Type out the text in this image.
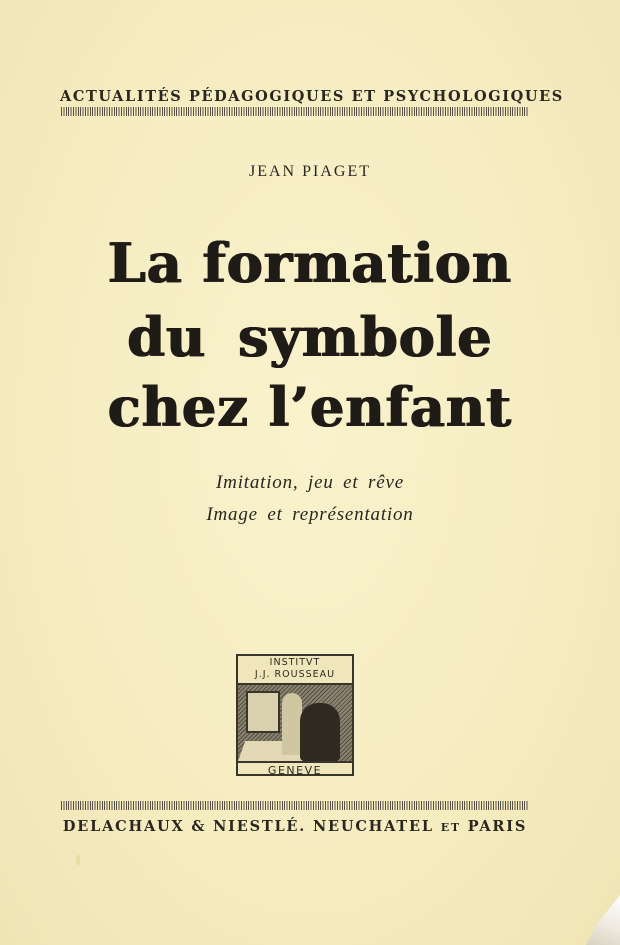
ACTUALITÉS PÉDAGOGIQUES ET PSYCHOLOGIQUES
JEAN PIAGET
La formation
du symbole
chez l’enfant
Imitation, jeu et rêve
Image et représentation
INSTITVT
J.J. ROUSSEAU
GENEVE
DELACHAUX & NIESTLÉ. NEUCHATEL ET PARIS
